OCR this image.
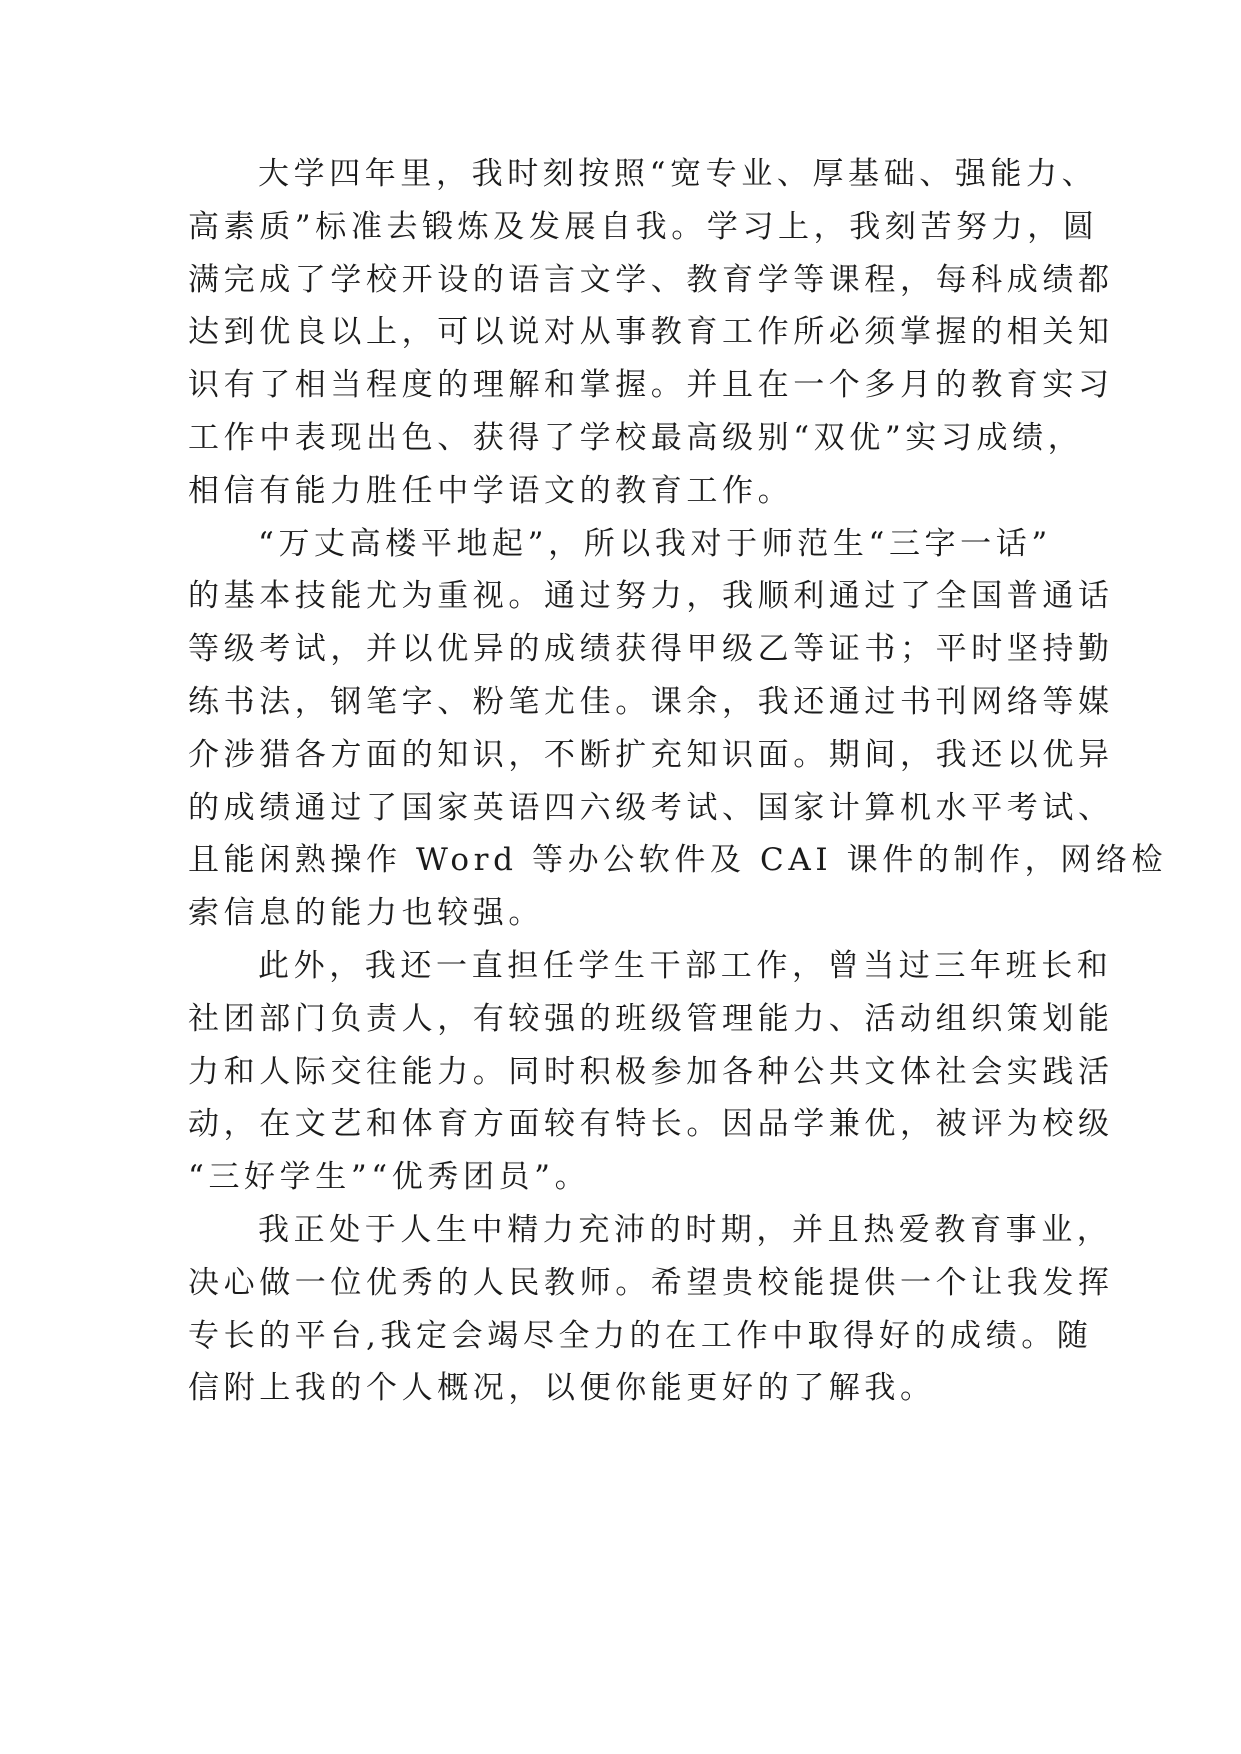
大学四年里，我时刻按照“宽专业、厚基础、强能力、

高素质”标准去锻炼及发展自我。学习上，我刻苦努力，圆

满完成了学校开设的语言文学、教育学等课程，每科成绩都

达到优良以上，可以说对从事教育工作所必须掌握的相关知

识有了相当程度的理解和掌握。并且在一个多月的教育实习

工作中表现出色、获得了学校最高级别“双优”实习成绩，

相信有能力胜任中学语文的教育工作。

“万丈高楼平地起”，所以我对于师范生“三字一话”

的基本技能尤为重视。通过努力，我顺利通过了全国普通话

等级考试，并以优异的成绩获得甲级乙等证书；平时坚持勤

练书法，钢笔字、粉笔尤佳。课余，我还通过书刊网络等媒

介涉猎各方面的知识，不断扩充知识面。期间，我还以优异

的成绩通过了国家英语四六级考试、国家计算机水平考试、

且能闲熟操作 Word 等办公软件及 CAI 课件的制作，网络检

索信息的能力也较强。

此外，我还一直担任学生干部工作，曾当过三年班长和

社团部门负责人，有较强的班级管理能力、活动组织策划能

力和人际交往能力。同时积极参加各种公共文体社会实践活

动，在文艺和体育方面较有特长。因品学兼优，被评为校级

“三好学生”“优秀团员”。

我正处于人生中精力充沛的时期，并且热爱教育事业，

决心做一位优秀的人民教师。希望贵校能提供一个让我发挥

专长的平台,我定会竭尽全力的在工作中取得好的成绩。随

信附上我的个人概况，以便你能更好的了解我。
